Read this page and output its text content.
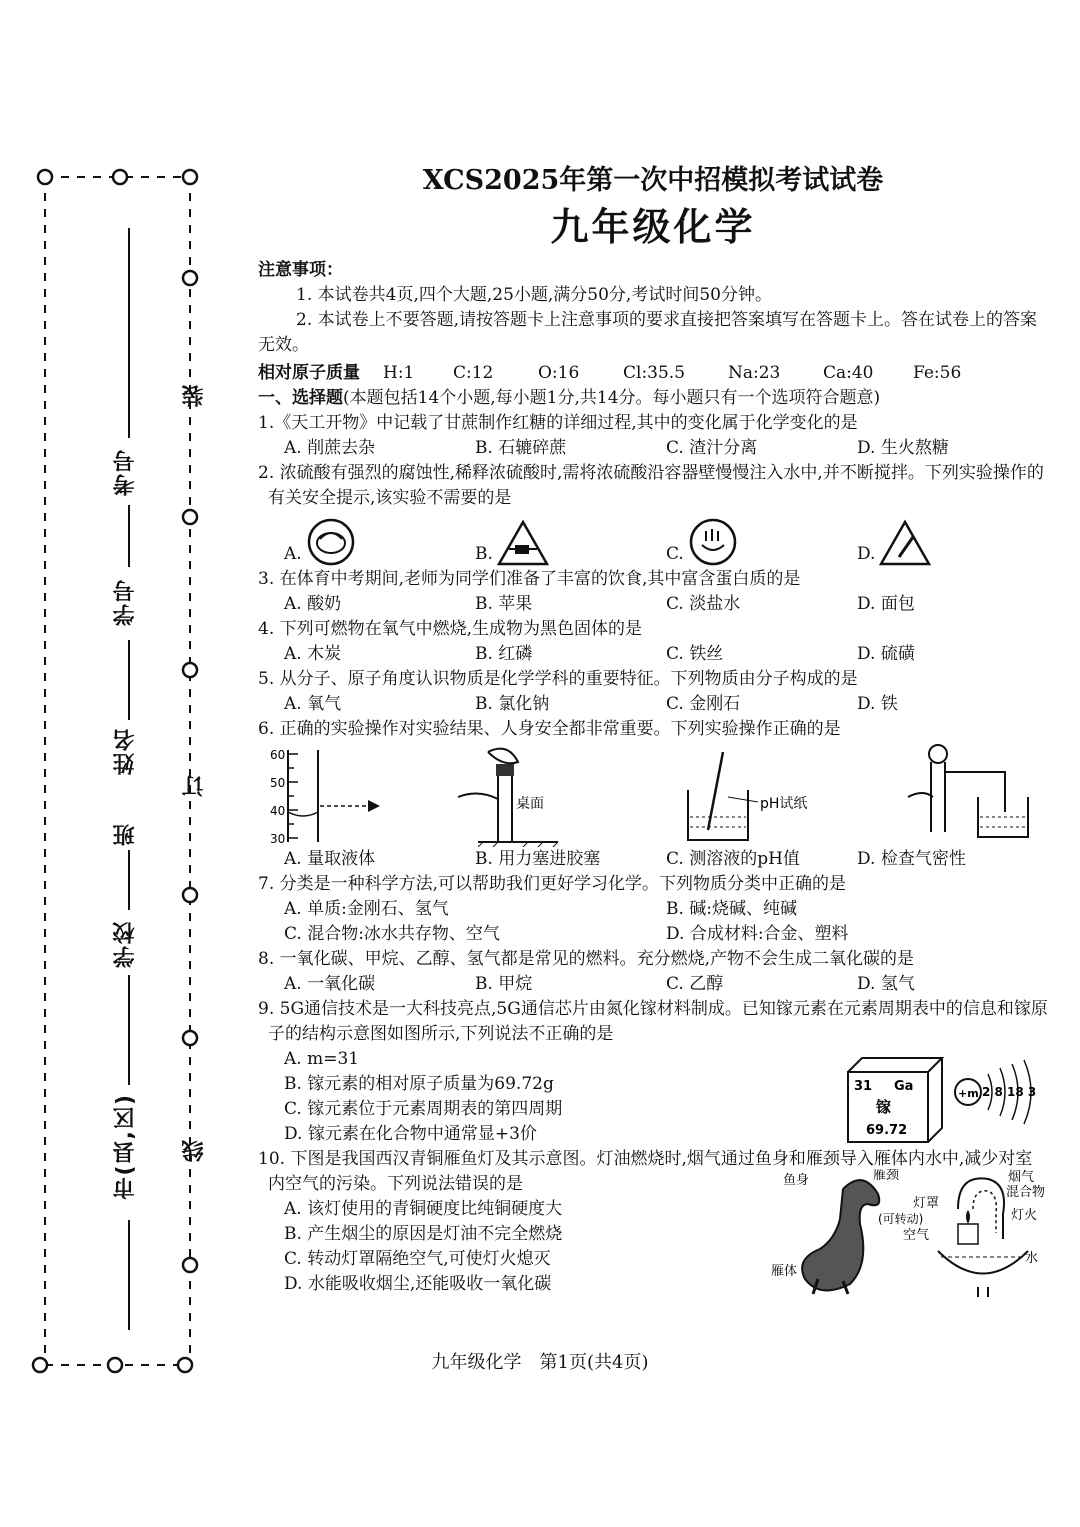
考号
学号
姓名
班
学校
市(县,区)
装
订
线
XCS2025年第一次中招模拟考试试卷
九年级化学

注意事项：

1. 本试卷共4页,四个大题,25小题,满分50分,考试时间50分钟。

2. 本试卷上不要答题,请按答题卡上注意事项的要求直接把答案填写在答题卡上。答在试卷上的答案无效。

相对原子质量	H:1	C:12	O:16	Cl:35.5	Na:23	Ca:40	Fe:56

一、选择题(本题包括14个小题,每小题1分,共14分。每小题只有一个选项符合题意)

1.《天工开物》中记载了甘蔗制作红糖的详细过程,其中的变化属于化学变化的是

A. 削蔗去杂	B. 石辘碎蔗	C. 渣汁分离	D. 生火熬糖

2. 浓硫酸有强烈的腐蚀性,稀释浓硫酸时,需将浓硫酸沿容器壁慢慢注入水中,并不断搅拌。下列实验操作的有关安全提示,该实验不需要的是

A.	B.	C.	D.

3. 在体育中考期间,老师为同学们准备了丰富的饮食,其中富含蛋白质的是

A. 酸奶	B. 苹果	C. 淡盐水	D. 面包

4. 下列可燃物在氧气中燃烧,生成物为黑色固体的是

A. 木炭	B. 红磷	C. 铁丝	D. 硫磺

5. 从分子、原子角度认识物质是化学学科的重要特征。下列物质由分子构成的是

A. 氧气	B. 氯化钠	C. 金刚石	D. 铁

6. 正确的实验操作对实验结果、人身安全都非常重要。下列实验操作正确的是

60
50
40
30
桌面	pH试纸
A. 量取液体	B. 用力塞进胶塞	C. 测溶液的pH值	D. 检查气密性

7. 分类是一种科学方法,可以帮助我们更好学习化学。下列物质分类中正确的是

A. 单质:金刚石、氢气	B. 碱:烧碱、纯碱
C. 混合物:冰水共存物、空气	D. 合成材料:合金、塑料

8. 一氧化碳、甲烷、乙醇、氢气都是常见的燃料。充分燃烧,产物不会生成二氧化碳的是

A. 一氧化碳	B. 甲烷	C. 乙醇	D. 氢气

9. 5G通信技术是一大科技亮点,5G通信芯片由氮化镓材料制成。已知镓元素在元素周期表中的信息和镓原子的结构示意图如图所示,下列说法不正确的是

A. m=31

B. 镓元素的相对原子质量为69.72g

C. 镓元素位于元素周期表的第四周期

D. 镓元素在化合物中通常显+3价

31 Ga
镓
69.72
+m 2 8 18 3

10. 下图是我国西汉青铜雁鱼灯及其示意图。灯油燃烧时,烟气通过鱼身和雁颈导入雁体内水中,减少对室内空气的污染。下列说法错误的是

A. 该灯使用的青铜硬度比纯铜硬度大

B. 产生烟尘的原因是灯油不完全燃烧

C. 转动灯罩隔绝空气,可使灯火熄灭

D. 水能吸收烟尘,还能吸收一氧化碳

鱼身	雁颈
灯罩
(可转动)
空气
雁体
烟气
混合物
灯火
水
九年级化学　第1页(共4页)
